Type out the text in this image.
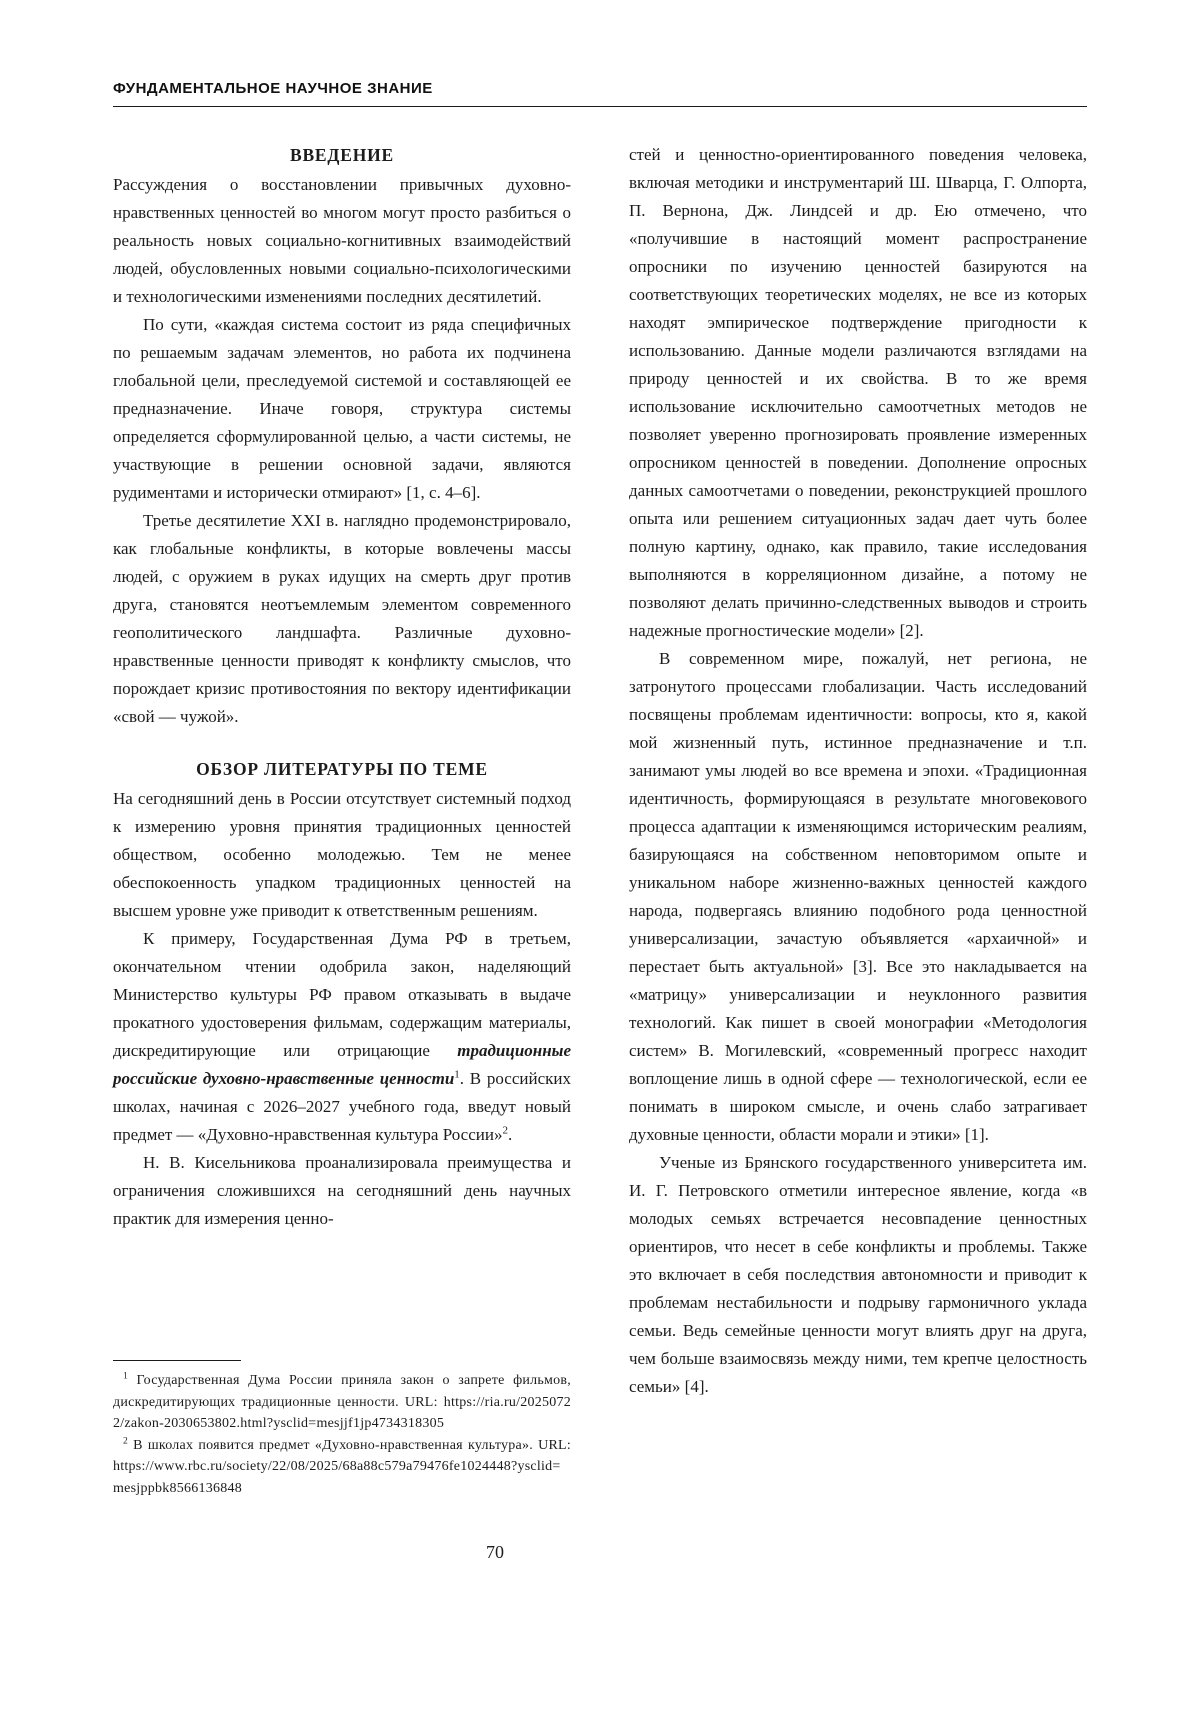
ФУНДАМЕНТАЛЬНОЕ НАУЧНОЕ ЗНАНИЕ
ВВЕДЕНИЕ

Рассуждения о восстановлении привычных духовно-нравственных ценностей во многом могут просто разбиться о реальность новых социально-когнитивных взаимодействий людей, обусловленных новыми социально-психологическими и технологическими изменениями последних десятилетий.

По сути, «каждая система состоит из ряда специфичных по решаемым задачам элементов, но работа их подчинена глобальной цели, преследуемой системой и составляющей ее предназначение. Иначе говоря, структура системы определяется сформулированной целью, а части системы, не участвующие в решении основной задачи, являются рудиментами и исторически отмирают» [1, с. 4–6].

Третье десятилетие XXI в. наглядно продемонстрировало, как глобальные конфликты, в которые вовлечены массы людей, с оружием в руках идущих на смерть друг против друга, становятся неотъемлемым элементом современного геополитического ландшафта. Различные духовно-нравственные ценности приводят к конфликту смыслов, что порождает кризис противостояния по вектору идентификации «свой — чужой».

ОБЗОР ЛИТЕРАТУРЫ ПО ТЕМЕ

На сегодняшний день в России отсутствует системный подход к измерению уровня принятия традиционных ценностей обществом, особенно молодежью. Тем не менее обеспокоенность упадком традиционных ценностей на высшем уровне уже приводит к ответственным решениям.

К примеру, Государственная Дума РФ в третьем, окончательном чтении одобрила закон, наделяющий Министерство культуры РФ правом отказывать в выдаче прокатного удостоверения фильмам, содержащим материалы, дискредитирующие или отрицающие традиционные российские духовно-нравственные ценности$^1$. В российских школах, начиная с 2026–2027 учебного года, введут новый предмет — «Духовно-нравственная культура России»$^2$.

Н. В. Кисельникова проанализировала преимущества и ограничения сложившихся на сегодняшний день научных практик для измерения ценно-

$^1$ Государственная Дума России приняла закон о запрете фильмов, дискредитирующих традиционные ценности. URL: https://ria.ru/20250722/zakon-2030653802.html?ysclid=mesjjf1jp4734318305

$^2$ В школах появится предмет «Духовно-нравственная культура». URL: https://www.rbc.ru/society/22/08/2025/68a88c579a79476fe1024448?ysclid=mesjppbk8566136848

стей и ценностно-ориентированного поведения человека, включая методики и инструментарий Ш. Шварца, Г. Олпорта, П. Вернона, Дж. Линдсей и др. Ею отмечено, что «получившие в настоящий момент распространение опросники по изучению ценностей базируются на соответствующих теоретических моделях, не все из которых находят эмпирическое подтверждение пригодности к использованию. Данные модели различаются взглядами на природу ценностей и их свойства. В то же время использование исключительно самоотчетных методов не позволяет уверенно прогнозировать проявление измеренных опросником ценностей в поведении. Дополнение опросных данных самоотчетами о поведении, реконструкцией прошлого опыта или решением ситуационных задач дает чуть более полную картину, однако, как правило, такие исследования выполняются в корреляционном дизайне, а потому не позволяют делать причинно-следственных выводов и строить надежные прогностические модели» [2].

В современном мире, пожалуй, нет региона, не затронутого процессами глобализации. Часть исследований посвящены проблемам идентичности: вопросы, кто я, какой мой жизненный путь, истинное предназначение и т.п. занимают умы людей во все времена и эпохи. «Традиционная идентичность, формирующаяся в результате многовекового процесса адаптации к изменяющимся историческим реалиям, базирующаяся на собственном неповторимом опыте и уникальном наборе жизненно-важных ценностей каждого народа, подвергаясь влиянию подобного рода ценностной универсализации, зачастую объявляется «архаичной» и перестает быть актуальной» [3]. Все это накладывается на «матрицу» универсализации и неуклонного развития технологий. Как пишет в своей монографии «Методология систем» В. Могилевский, «современный прогресс находит воплощение лишь в одной сфере — технологической, если ее понимать в широком смысле, и очень слабо затрагивает духовные ценности, области морали и этики» [1].

Ученые из Брянского государственного университета им. И. Г. Петровского отметили интересное явление, когда «в молодых семьях встречается несовпадение ценностных ориентиров, что несет в себе конфликты и проблемы. Также это включает в себя последствия автономности и приводит к проблемам нестабильности и подрыву гармоничного уклада семьи. Ведь семейные ценности могут влиять друг на друга, чем больше взаимосвязь между ними, тем крепче целостность семьи» [4].

70
